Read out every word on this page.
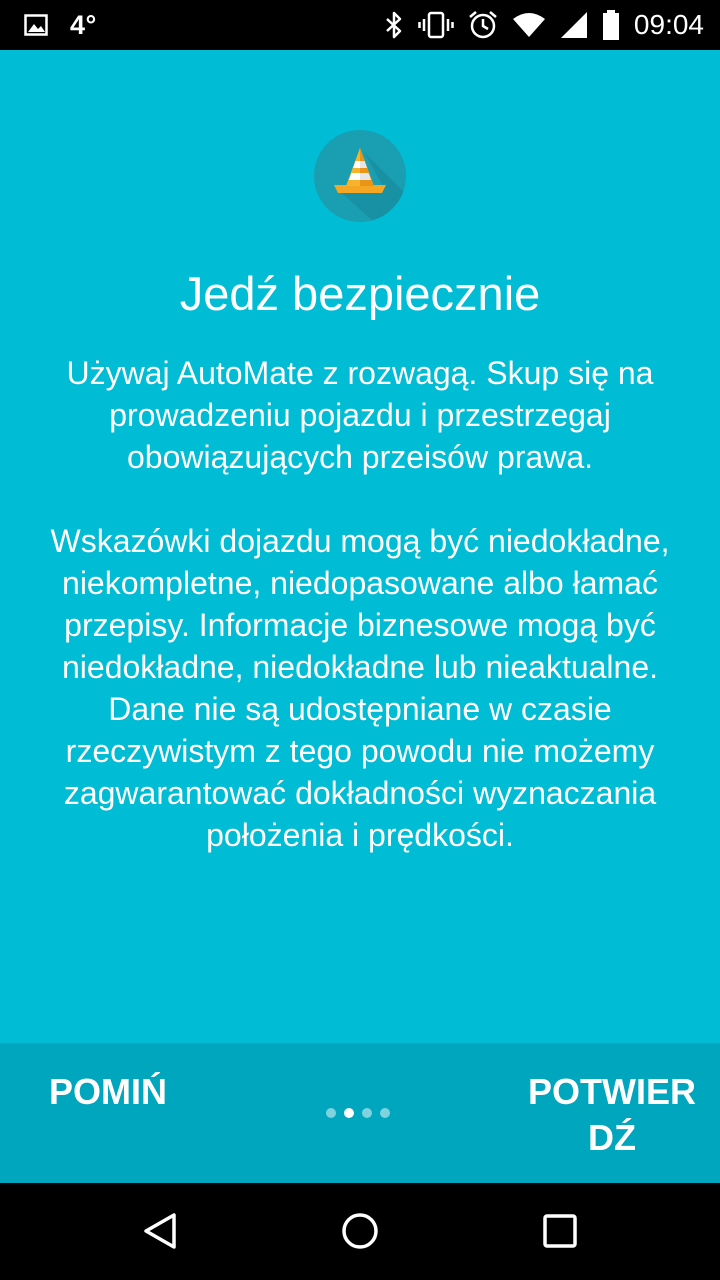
4°	09:04
Jedź bezpiecznie

Używaj AutoMate z rozwagą. Skup się na prowadzeniu pojazdu i przestrzegaj obowiązujących przeisów prawa.

Wskazówki dojazdu mogą być niedokładne, niekompletne, niedopasowane albo łamać przepisy. Informacje biznesowe mogą być niedokładne, niedokładne lub nieaktualne. Dane nie są udostępniane w czasie rzeczywistym z tego powodu nie możemy zagwarantować dokładności wyznaczania położenia i prędkości.

POMIŃ	POTWIERDŹ
